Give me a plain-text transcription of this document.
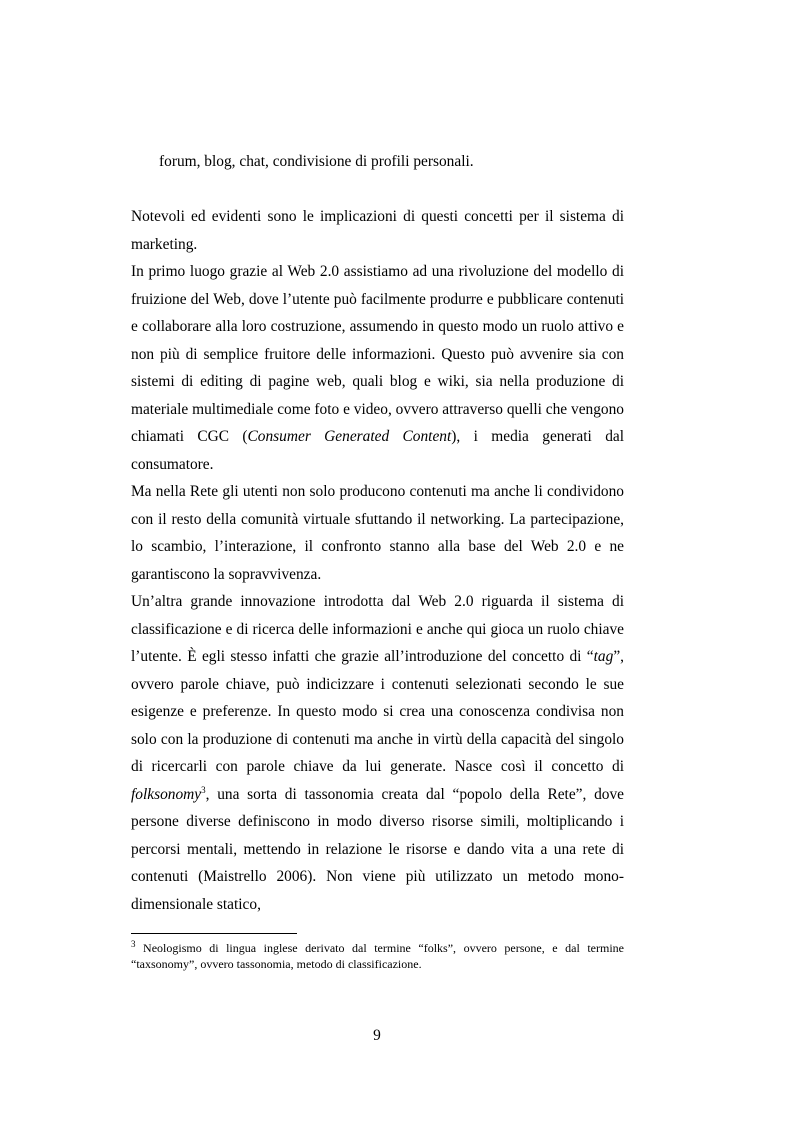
forum, blog, chat, condivisione di profili personali.

Notevoli ed evidenti sono le implicazioni di questi concetti per il sistema di marketing.

In primo luogo grazie al Web 2.0 assistiamo ad una rivoluzione del modello di fruizione del Web, dove l’utente può facilmente produrre e pubblicare contenuti e collaborare alla loro costruzione, assumendo in questo modo un ruolo attivo e non più di semplice fruitore delle informazioni. Questo può avvenire sia con sistemi di editing di pagine web, quali blog e wiki, sia nella produzione di materiale multimediale come foto e video, ovvero attraverso quelli che vengono chiamati CGC (Consumer Generated Content), i media generati dal consumatore.

Ma nella Rete gli utenti non solo producono contenuti ma anche li condividono con il resto della comunità virtuale sfuttando il networking. La partecipazione, lo scambio, l’interazione, il confronto stanno alla base del Web 2.0 e ne garantiscono la sopravvivenza.

Un’altra grande innovazione introdotta dal Web 2.0 riguarda il sistema di classificazione e di ricerca delle informazioni e anche qui gioca un ruolo chiave l’utente. È egli stesso infatti che grazie all’introduzione del concetto di “tag”, ovvero parole chiave, può indicizzare i contenuti selezionati secondo le sue esigenze e preferenze. In questo modo si crea una conoscenza condivisa non solo con la produzione di contenuti ma anche in virtù della capacità del singolo di ricercarli con parole chiave da lui generate. Nasce così il concetto di folksonomy$^3$, una sorta di tassonomia creata dal “popolo della Rete”, dove persone diverse definiscono in modo diverso risorse simili, moltiplicando i percorsi mentali, mettendo in relazione le risorse e dando vita a una rete di contenuti (Maistrello 2006). Non viene più utilizzato un metodo mono-dimensionale statico,

$^3$ Neologismo di lingua inglese derivato dal termine “folks”, ovvero persone, e dal termine “taxsonomy”, ovvero tassonomia, metodo di classificazione.
9
